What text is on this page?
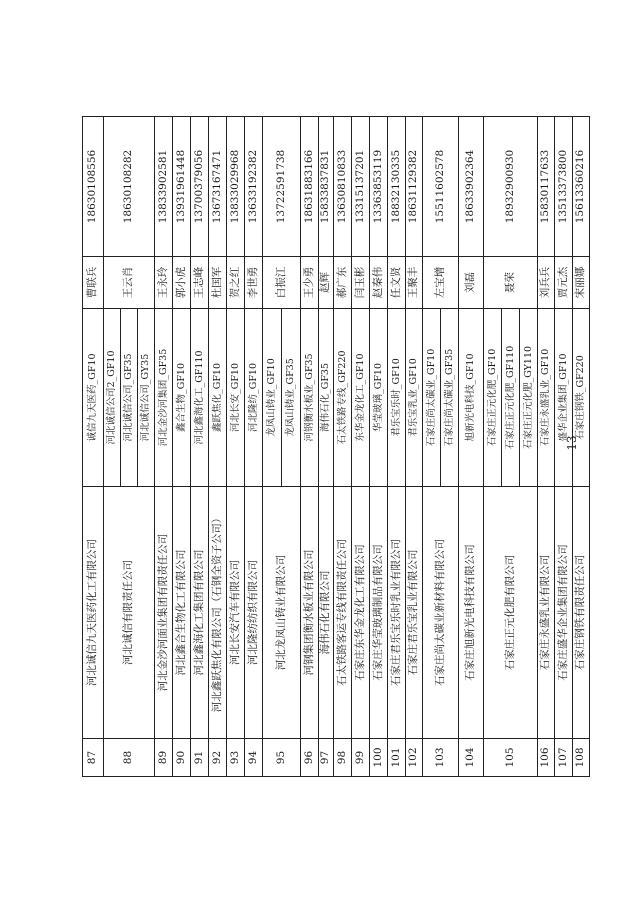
87	河北诚信九天医药化工有限公司	诚信九天医药_GF10	曹联兵	18630108556
88	河北诚信有限责任公司	河北诚信公司2_GF10	王云肖	18630108282
		河北诚信公司_GF35		
		河北诚信公司_GY35		
89	河北金沙河面业集团有限责任公司	河北金沙河集团_GF35	王永玲	13833902581
90	河北鑫合生物化工有限公司	鑫合生物_GF10	郭小虎	13931961448
91	河北鑫海化工集团有限公司	河北鑫海化工_GF110	王志峰	13700379056
92	河北鑫跃焦化有限公司（石钢全资子公司）	鑫跃焦化_GF10	杜国军	13673167471
93	河北长安汽车有限公司	河北长安_GF10	贺之红	13833029968
94	河北隆纺纺织有限公司	河北隆纺_GF10	李世勇	13633192382
95	河北龙凤山铸业有限公司	龙凤山铸业_GF10	白振江	13722591738
		龙凤山铸业_GF35		
96	河钢集团衡水板业有限公司	河钢衡水板业_GF35	王少勇	18631883166
97	海伟石化有限公司	海伟石化_GF35	赵辉	15833837831
98	石太铁路客运专线有限责任公司	石太铁路专线_GF220	郝广东	13630810833
99	石家庄东华金龙化工有限公司	东华金龙化工_GF10	闫玉彬	13315137201
100	石家庄华莹玻璃制品有限公司	华莹玻璃_GF10	赵秦伟	13363853119
101	石家庄君乐宝乐时乳业有限公司	君乐宝乐时_GF10	任文贤	18832130335
102	石家庄君乐宝乳业有限公司	君乐宝乳业_GF10	王聚丰	18631129382
103	石家庄尚太碳业新材料有限公司	石家庄尚太碳业_GF10	左宝增	15511602578
		石家庄尚太碳业_GF35		
104	石家庄旭新光电科技有限公司	旭新光电科技_GF10	刘磊	18633902364
105	石家庄正元化肥有限公司	石家庄正元化肥_GF10	聂荣	18932900930
		石家庄正元化肥_GF110		
		石家庄正元化肥_GY110		
106	石家庄永盛乳业有限公司	石家庄永盛乳业_GF10	刘兵兵	15830117633
107	石家庄盛华企业集团有限公司	盛华企业集团_GF10	贾元杰	13513373800
108	石家庄钢铁有限责任公司	石家庄钢铁_GF220	宋丽娜	15613360216
- 13 -
